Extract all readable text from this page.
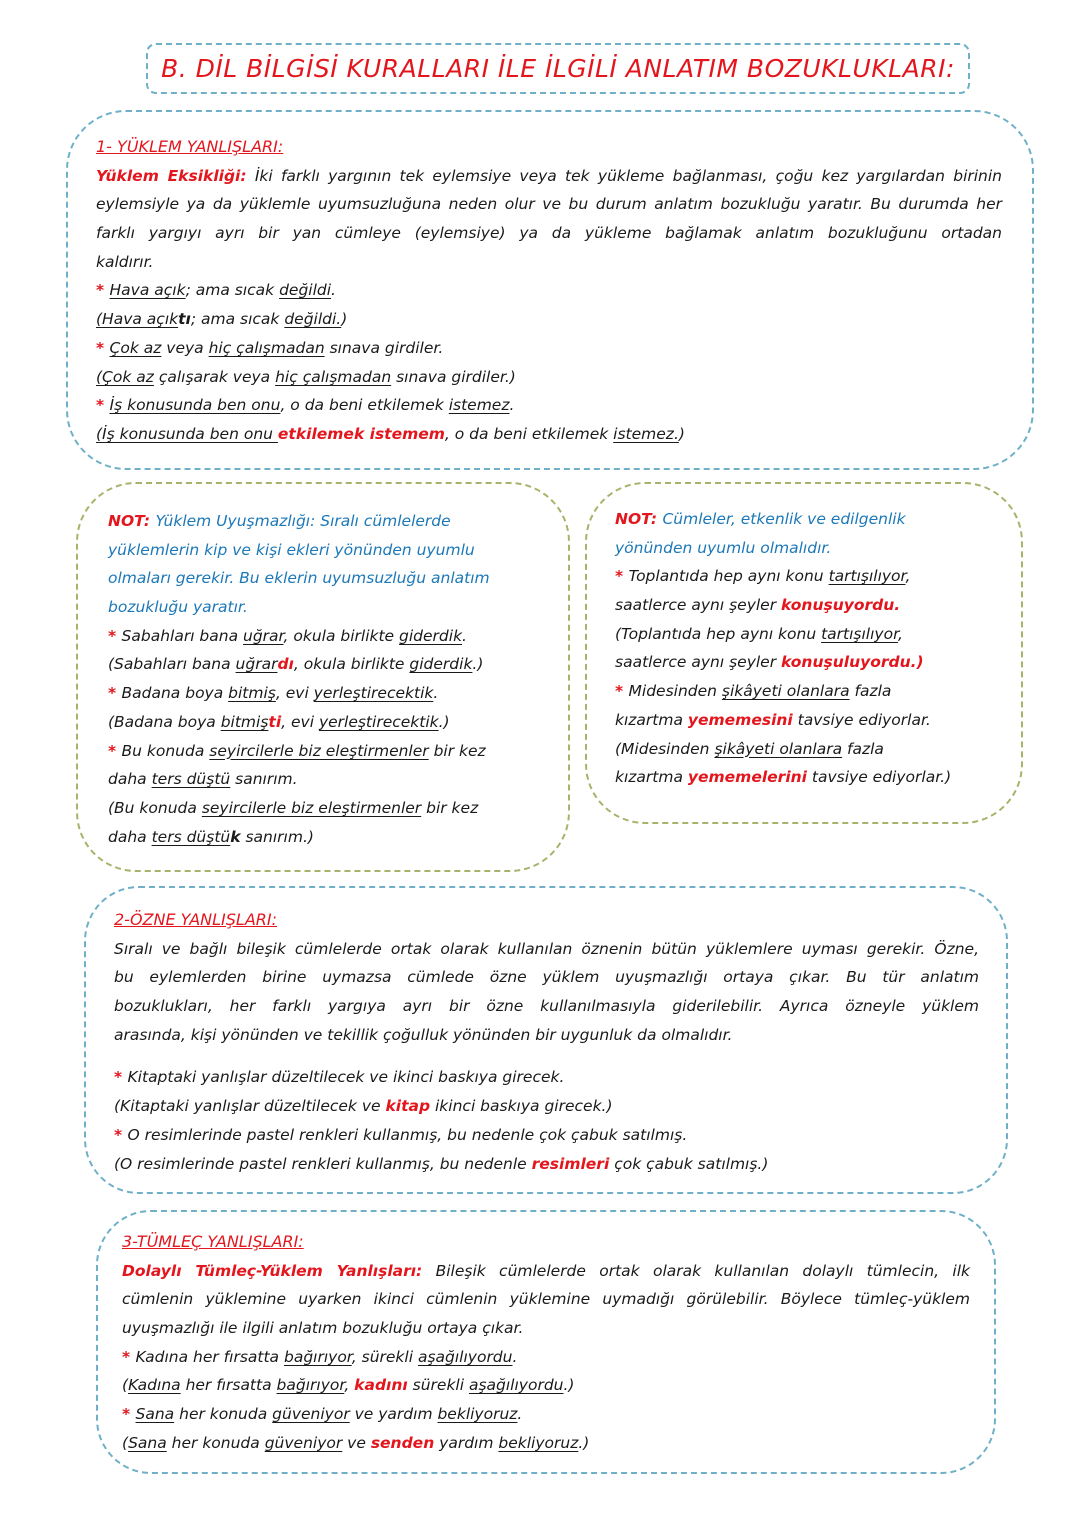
B. DİL BİLGİSİ KURALLARI İLE İLGİLİ ANLATIM BOZUKLUKLARI:
1- YÜKLEM YANLIŞLARI:
Yüklem Eksikliği: İki farklı yargının tek eylemsiye veya tek yükleme bağlanması, çoğu kez yargılardan birinin
eylemsiyle ya da yüklemle uyumsuzluğuna neden olur ve bu durum anlatım bozukluğu yaratır. Bu durumda her
farklı yargıyı ayrı bir yan cümleye (eylemsiye) ya da yükleme bağlamak anlatım bozukluğunu ortadan
kaldırır.
* Hava açık; ama sıcak değildi.
(Hava açıktı; ama sıcak değildi.)
* Çok az veya hiç çalışmadan sınava girdiler.
(Çok az çalışarak veya hiç çalışmadan sınava girdiler.)
* İş konusunda ben onu, o da beni etkilemek istemez.
(İş konusunda ben onu etkilemek istemem, o da beni etkilemek istemez.)
NOT: Yüklem Uyuşmazlığı: Sıralı cümlelerde
yüklemlerin kip ve kişi ekleri yönünden uyumlu
olmaları gerekir. Bu eklerin uyumsuzluğu anlatım
bozukluğu yaratır.
* Sabahları bana uğrar, okula birlikte giderdik.
(Sabahları bana uğrardı, okula birlikte giderdik.)
* Badana boya bitmiş, evi yerleştirecektik.
(Badana boya bitmişti, evi yerleştirecektik.)
* Bu konuda seyircilerle biz eleştirmenler bir kez
daha ters düştü sanırım.
(Bu konuda seyircilerle biz eleştirmenler bir kez
daha ters düştük sanırım.)
NOT: Cümleler, etkenlik ve edilgenlik
yönünden uyumlu olmalıdır.
* Toplantıda hep aynı konu tartışılıyor,
saatlerce aynı şeyler konuşuyordu.
(Toplantıda hep aynı konu tartışılıyor,
saatlerce aynı şeyler konuşuluyordu.)
* Midesinden şikâyeti olanlara fazla
kızartma yememesini tavsiye ediyorlar.
(Midesinden şikâyeti olanlara fazla
kızartma yememelerini tavsiye ediyorlar.)
2-ÖZNE YANLIŞLARI:
Sıralı ve bağlı bileşik cümlelerde ortak olarak kullanılan öznenin bütün yüklemlere uyması gerekir. Özne,
bu eylemlerden birine uymazsa cümlede özne yüklem uyuşmazlığı ortaya çıkar. Bu tür anlatım
bozuklukları, her farklı yargıya ayrı bir özne kullanılmasıyla giderilebilir. Ayrıca özneyle yüklem
arasında, kişi yönünden ve tekillik çoğulluk yönünden bir uygunluk da olmalıdır.
* Kitaptaki yanlışlar düzeltilecek ve ikinci baskıya girecek.
(Kitaptaki yanlışlar düzeltilecek ve kitap ikinci baskıya girecek.)
* O resimlerinde pastel renkleri kullanmış, bu nedenle çok çabuk satılmış.
(O resimlerinde pastel renkleri kullanmış, bu nedenle resimleri çok çabuk satılmış.)
3-TÜMLEÇ YANLIŞLARI:
Dolaylı Tümleç-Yüklem Yanlışları: Bileşik cümlelerde ortak olarak kullanılan dolaylı tümlecin, ilk
cümlenin yüklemine uyarken ikinci cümlenin yüklemine uymadığı görülebilir. Böylece tümleç-yüklem
uyuşmazlığı ile ilgili anlatım bozukluğu ortaya çıkar.
* Kadına her fırsatta bağırıyor, sürekli aşağılıyordu.
(Kadına her fırsatta bağırıyor, kadını sürekli aşağılıyordu.)
* Sana her konuda güveniyor ve yardım bekliyoruz.
(Sana her konuda güveniyor ve senden yardım bekliyoruz.)
